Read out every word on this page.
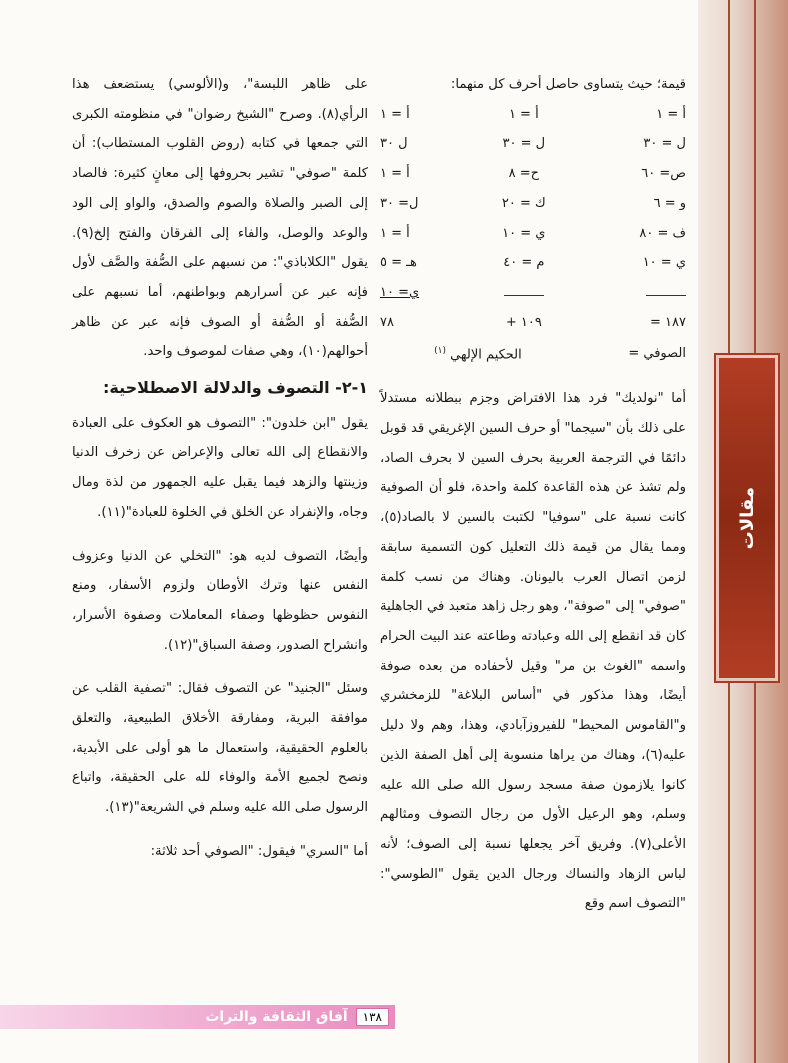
مقالات

قيمة؛ حيث يتساوى حاصل أحرف كل منهما:

أ = ١	أ = ١	أ = ١
ل = ٣٠	ل = ٣٠	ل ٣٠
ص= ٦٠	ح= ٨	أ = ١
و = ٦	ك = ٢٠	ل= ٣٠
ف = ٨٠	ي = ١٠	أ = ١
ي = ١٠	م = ٤٠	هـ = ٥
		ي= ١٠
١٨٧ =	١٠٩ +	٧٨
الصوفي =	الحكيم الإلهي $^{(١)}$

أما "نولديك" فرد هذا الافتراض وجزم ببطلانه مستدلاً على ذلك بأن "سيجما" أو حرف السين الإغريقي قد قوبل دائمًا في الترجمة العربية بحرف السين لا بحرف الصاد، ولم تشذ عن هذه القاعدة كلمة واحدة، فلو أن الصوفية كانت نسبة على "سوفيا" لكتبت بالسين لا بالصاد(٥)، ومما يقال من قيمة ذلك التعليل كون التسمية سابقة لزمن اتصال العرب باليونان. وهناك من نسب كلمة "صوفي" إلى "صوفة"، وهو رجل زاهد متعبد في الجاهلية كان قد انقطع إلى الله وعبادته وطاعته عند البيت الحرام واسمه "الغوث بن مر" وقيل لأحفاده من بعده صوفة أيضًا، وهذا مذكور في "أساس البلاغة" للزمخشري و"القاموس المحيط" للفيروزآبادي، وهذا، وهم ولا دليل عليه(٦)، وهناك من يراها منسوبة إلى أهل الصفة الذين كانوا يلازمون صفة مسجد رسول الله صلى الله عليه وسلم، وهو الرعيل الأول من رجال التصوف ومثالهم الأعلى(٧). وفريق آخر يجعلها نسبة إلى الصوف؛ لأنه لباس الزهاد والنساك ورجال الدين يقول "الطوسي": "التصوف اسم وقع

على ظاهر اللبسة"، و(الألوسي) يستضعف هذا الرأي(٨). وصرح "الشيخ رضوان" في منظومته الكبرى التي جمعها في كتابه (روض القلوب المستطاب): أن كلمة "صوفي" تشير بحروفها إلى معانٍ كثيرة: فالصاد إلى الصبر والصلاة والصوم والصدق، والواو إلى الود والوعد والوصل، والفاء إلى الفرقان والفتح إلخ(٩). يقول "الكلاباذي": من نسبهم على الصُّفة والصَّف لأول فإنه عبر عن أسرارهم وبواطنهم، أما نسبهم على الصُّفة أو الصُّفة أو الصوف فإنه عبر عن ظاهر أحوالهم(١٠)، وهي صفات لموصوف واحد.

١-٢- التصوف والدلالة الاصطلاحية:

يقول "ابن خلدون": "التصوف هو العكوف على العبادة والانقطاع إلى الله تعالى والإعراض عن زخرف الدنيا وزينتها والزهد فيما يقبل عليه الجمهور من لذة ومال وجاه، والإنفراد عن الخلق في الخلوة للعبادة"(١١).

وأيضًا، التصوف لديه هو: "التخلي عن الدنيا وعزوف النفس عنها وترك الأوطان ولزوم الأسفار، ومنع النفوس حظوظها وصفاء المعاملات وصفوة الأسرار، وانشراح الصدور، وصفة السباق"(١٢).

وسئل "الجنيد" عن التصوف فقال: "تصفية القلب عن موافقة البرية، ومفارقة الأخلاق الطبيعية، والتعلق بالعلوم الحقيقية، واستعمال ما هو أولى على الأبدية، ونصح لجميع الأمة والوفاء لله على الحقيقة، واتباع الرسول صلى الله عليه وسلم في الشريعة"(١٣).

أما "السري" فيقول: "الصوفي أحد ثلاثة:

آفاق الثقافة والتراث	١٣٨
